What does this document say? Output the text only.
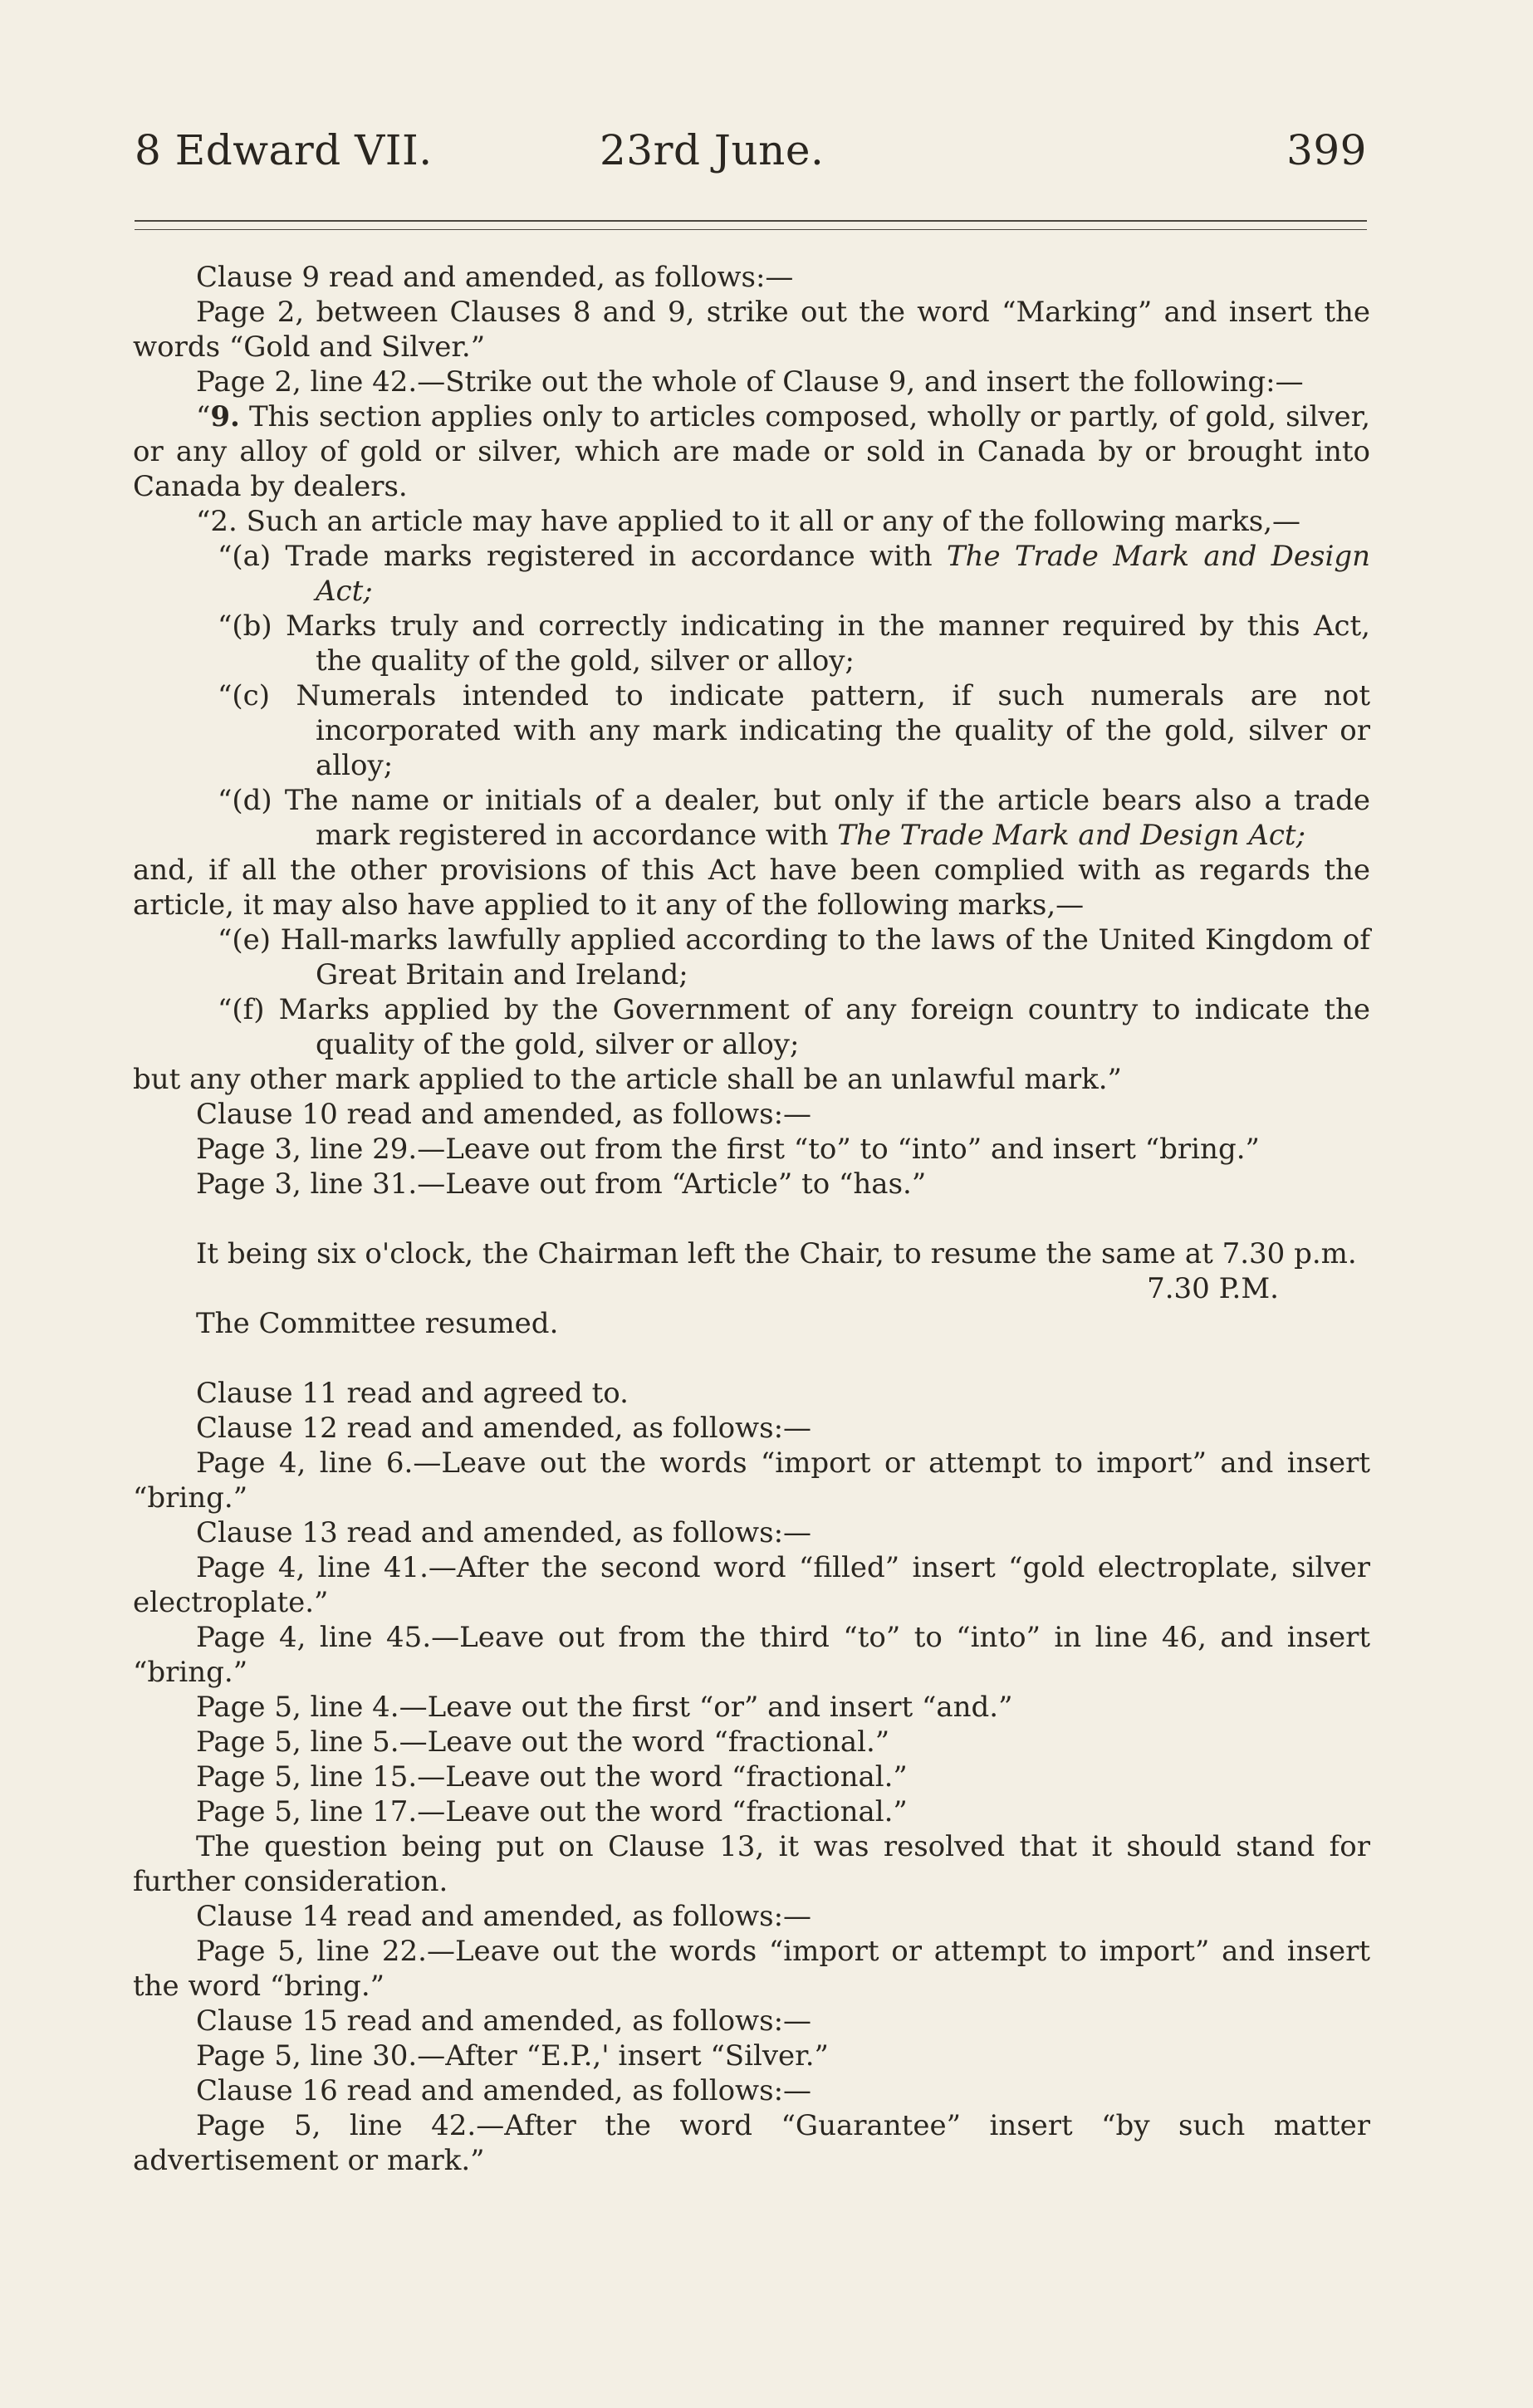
8 Edward VII.	23rd June.	399

Clause 9 read and amended, as follows:—

Page 2, between Clauses 8 and 9, strike out the word “Marking” and insert the words “Gold and Silver.”

Page 2, line 42.—Strike out the whole of Clause 9, and insert the following:—

“9. This section applies only to articles composed, wholly or partly, of gold, silver, or any alloy of gold or silver, which are made or sold in Canada by or brought into Canada by dealers.

“2. Such an article may have applied to it all or any of the following marks,—

“(a) Trade marks registered in accordance with The Trade Mark and Design Act;

“(b) Marks truly and correctly indicating in the manner required by this Act, the quality of the gold, silver or alloy;

“(c) Numerals intended to indicate pattern, if such numerals are not incorporated with any mark indicating the quality of the gold, silver or alloy;

“(d) The name or initials of a dealer, but only if the article bears also a trade mark registered in accordance with The Trade Mark and Design Act;

and, if all the other provisions of this Act have been complied with as regards the article, it may also have applied to it any of the following marks,—

“(e) Hall-marks lawfully applied according to the laws of the United Kingdom of Great Britain and Ireland;

“(f) Marks applied by the Government of any foreign country to indicate the quality of the gold, silver or alloy;

but any other mark applied to the article shall be an unlawful mark.”

Clause 10 read and amended, as follows:—

Page 3, line 29.—Leave out from the first “to” to “into” and insert “bring.”

Page 3, line 31.—Leave out from “Article” to “has.”

It being six o'clock, the Chairman left the Chair, to resume the same at 7.30 p.m.

7.30 P.M.

The Committee resumed.

Clause 11 read and agreed to.

Clause 12 read and amended, as follows:—

Page 4, line 6.—Leave out the words “import or attempt to import” and insert “bring.”

Clause 13 read and amended, as follows:—

Page 4, line 41.—After the second word “filled” insert “gold electroplate, silver electroplate.”

Page 4, line 45.—Leave out from the third “to” to “into” in line 46, and insert “bring.”

Page 5, line 4.—Leave out the first “or” and insert “and.”

Page 5, line 5.—Leave out the word “fractional.”

Page 5, line 15.—Leave out the word “fractional.”

Page 5, line 17.—Leave out the word “fractional.”

The question being put on Clause 13, it was resolved that it should stand for further consideration.

Clause 14 read and amended, as follows:—

Page 5, line 22.—Leave out the words “import or attempt to import” and insert the word “bring.”

Clause 15 read and amended, as follows:—

Page 5, line 30.—After “E.P.,' insert “Silver.”

Clause 16 read and amended, as follows:—

Page 5, line 42.—After the word “Guarantee” insert “by such matter advertisement or mark.”
